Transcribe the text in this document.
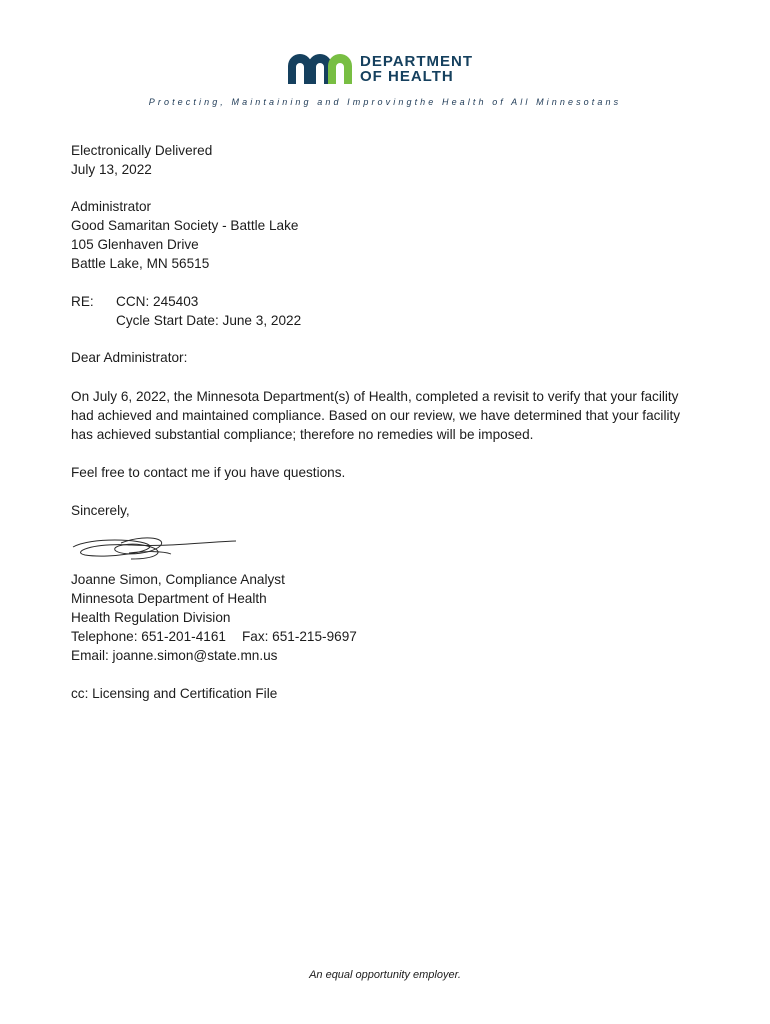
DEPARTMENT
OF HEALTH
Protecting, Maintaining and Improvingthe Health of All Minnesotans
Electronically Delivered
July 13, 2022
Administrator
Good Samaritan Society - Battle Lake
105 Glenhaven Drive
Battle Lake, MN 56515
RE: CCN: 245403
Cycle Start Date: June 3, 2022
Dear Administrator:
On July 6, 2022, the Minnesota Department(s) of Health, completed a revisit to verify that your facility
had achieved and maintained compliance. Based on our review, we have determined that your facility
has achieved substantial compliance; therefore no remedies will be imposed.
Feel free to contact me if you have questions.
Sincerely,
Joanne Simon, Compliance Analyst
Minnesota Department of Health
Health Regulation Division
Telephone: 651-201-4161 Fax: 651-215-9697
Email: joanne.simon@state.mn.us
cc: Licensing and Certification File
An equal opportunity employer.
